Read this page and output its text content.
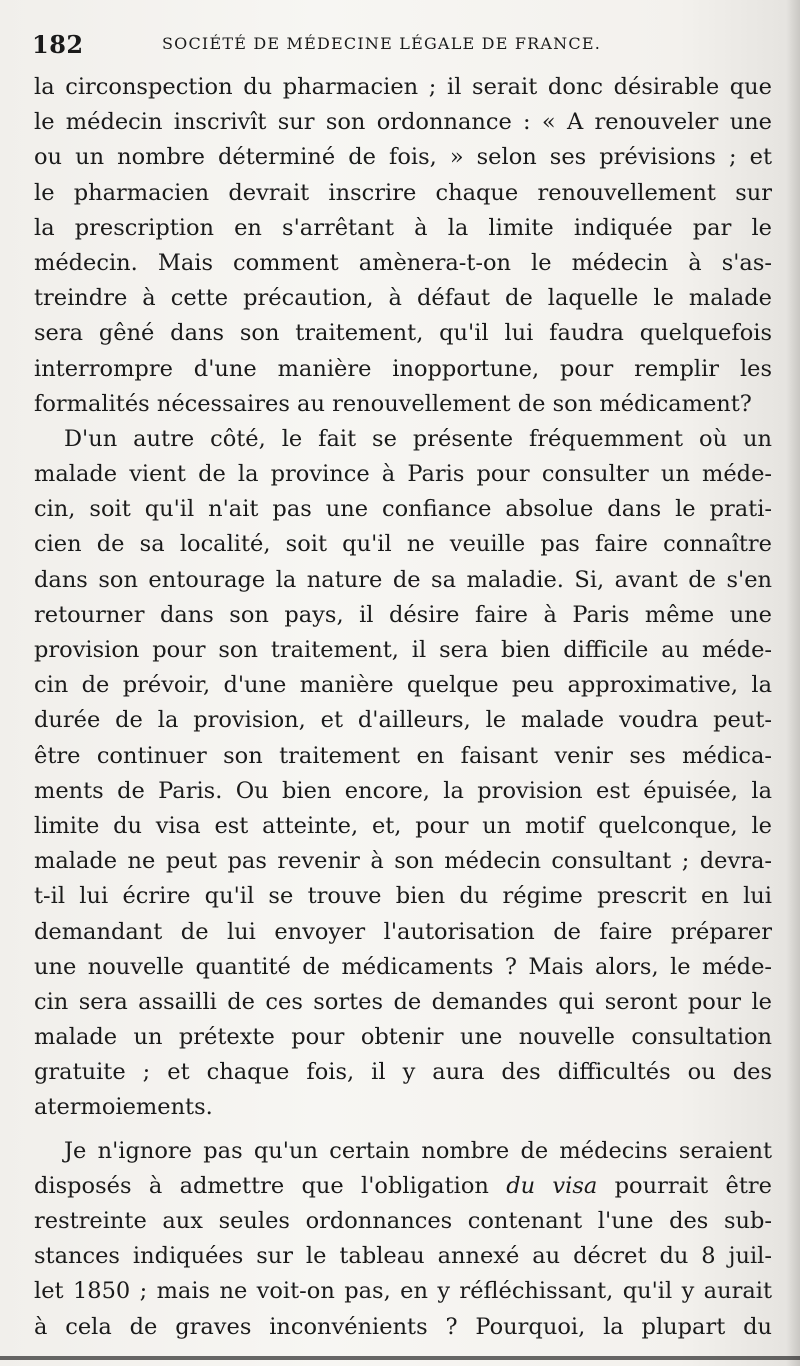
182	SOCIÉTÉ DE MÉDECINE LÉGALE DE FRANCE.
la circonspection du pharmacien ; il serait donc désirable que
le médecin inscrivît sur son ordonnance : « A renouveler une
ou un nombre déterminé de fois, » selon ses prévisions ; et
le pharmacien devrait inscrire chaque renouvellement sur
la prescription en s'arrêtant à la limite indiquée par le
médecin. Mais comment amènera-t-on le médecin à s'as-
treindre à cette précaution, à défaut de laquelle le malade
sera gêné dans son traitement, qu'il lui faudra quelquefois
interrompre d'une manière inopportune, pour remplir les
formalités nécessaires au renouvellement de son médicament?
D'un autre côté, le fait se présente fréquemment où un
malade vient de la province à Paris pour consulter un méde-
cin, soit qu'il n'ait pas une confiance absolue dans le prati-
cien de sa localité, soit qu'il ne veuille pas faire connaître
dans son entourage la nature de sa maladie. Si, avant de s'en
retourner dans son pays, il désire faire à Paris même une
provision pour son traitement, il sera bien difficile au méde-
cin de prévoir, d'une manière quelque peu approximative, la
durée de la provision, et d'ailleurs, le malade voudra peut-
être continuer son traitement en faisant venir ses médica-
ments de Paris. Ou bien encore, la provision est épuisée, la
limite du visa est atteinte, et, pour un motif quelconque, le
malade ne peut pas revenir à son médecin consultant ; devra-
t-il lui écrire qu'il se trouve bien du régime prescrit en lui
demandant de lui envoyer l'autorisation de faire préparer
une nouvelle quantité de médicaments ? Mais alors, le méde-
cin sera assailli de ces sortes de demandes qui seront pour le
malade un prétexte pour obtenir une nouvelle consultation
gratuite ; et chaque fois, il y aura des difficultés ou des
atermoiements.
Je n'ignore pas qu'un certain nombre de médecins seraient
disposés à admettre que l'obligation du visa pourrait être
restreinte aux seules ordonnances contenant l'une des sub-
stances indiquées sur le tableau annexé au décret du 8 juil-
let 1850 ; mais ne voit-on pas, en y réfléchissant, qu'il y aurait
à cela de graves inconvénients ? Pourquoi, la plupart du
